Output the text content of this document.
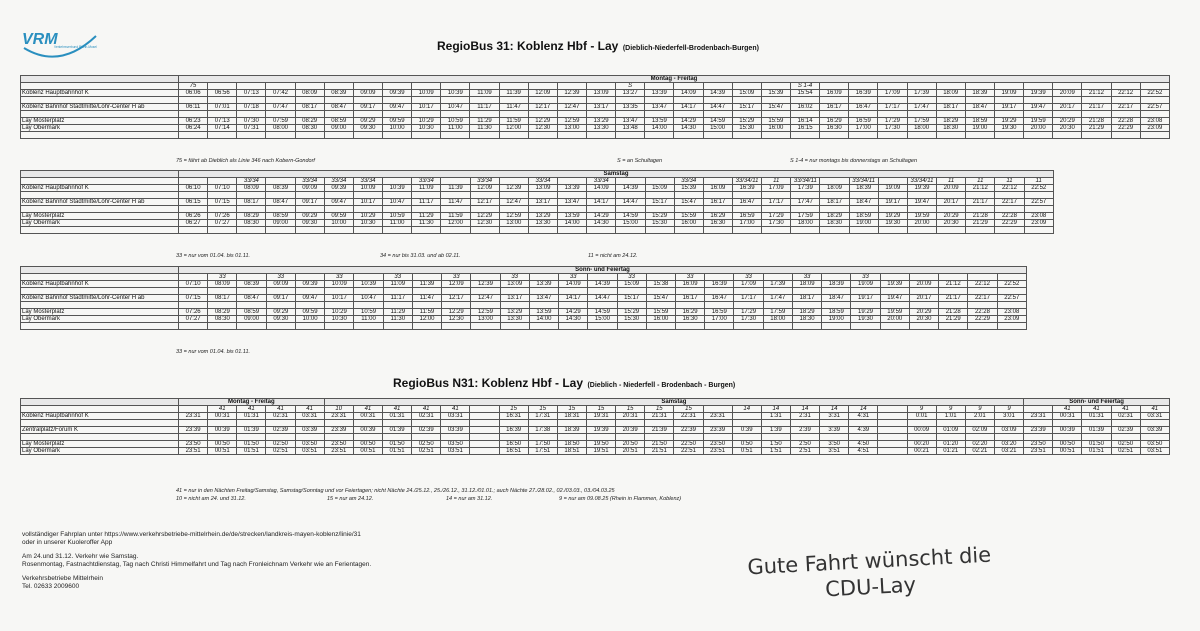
VRM
Verkehrsverbund Rhein-Mosel	RegioBus 31: Koblenz Hbf - Lay (Dieblich-Niederfell-Brodenbach-Burgen)
	Montag - Freitag																																	
	75															S						S 1-4												
Koblenz Hauptbahnhof K	06:06	06:56	07:13	07:42	08:09	08:39	09:09	09:39	10:09	10:39	11:09	11:39	12:09	12:39	13:09	13:27	13:39	14:09	14:39	15:09	15:39	15:54	16:09	16:39	17:09	17:39	18:09	18:39	19:09	19:39	20:09	21:12	22:12	22:52

Koblenz Bahnhof Stadtmitte/Löhr-Center H ab	06:11	07:01	07:18	07:47	08:17	08:47	09:17	09:47	10:17	10:47	11:17	11:47	12:17	12:47	13:17	13:35	13:47	14:17	14:47	15:17	15:47	16:02	16:17	16:47	17:17	17:47	18:17	18:47	19:17	19:47	20:17	21:17	22:17	22:57

Lay Mosterplatz	06:23	07:13	07:30	07:59	08:29	08:59	09:29	09:59	10:29	10:59	11:29	11:59	12:29	12:59	13:29	13:47	13:59	14:29	14:59	15:29	15:59	16:14	16:29	16:59	17:29	17:59	18:29	18:59	19:29	19:59	20:29	21:28	22:28	23:08
Lay Obermark	06:24	07:14	07:31	08:00	08:30	09:00	09:30	10:00	10:30	11:00	11:30	12:00	12:30	13:00	13:30	13:48	14:00	14:30	15:00	15:30	16:00	16:15	16:30	17:00	17:30	18:00	18:30	19:00	19:30	20:00	20:30	21:29	22:29	23:09

75 = fährt ab Dieblich als Linie 346 nach Kobern-Gondorf	S = an Schultagen	S 1-4 = nur montags bis donnerstags an Schultagen
	Samstag																													
			33/34		33/34	33/34	33/34		33/34		33/34		33/34		33/34			33/34		33/34/11	11	33/34/11		33/34/11		33/34/11	11	11	11	11
Koblenz Hauptbahnhof K	06:10	07:10	08:09	08:39	09:09	09:39	10:09	10:39	11:09	11:39	12:09	12:39	13:09	13:39	14:09	14:39	15:09	15:39	16:09	16:39	17:09	17:39	18:09	18:39	19:09	19:39	20:09	21:12	22:12	22:52

Koblenz Bahnhof Stadtmitte/Löhr-Center H ab	06:15	07:15	08:17	08:47	09:17	09:47	10:17	10:47	11:17	11:47	12:17	12:47	13:17	13:47	14:17	14:47	15:17	15:47	16:17	16:47	17:17	17:47	18:17	18:47	19:17	19:47	20:17	21:17	22:17	22:57

Lay Mosterplatz	06:26	07:26	08:29	08:59	09:29	09:59	10:29	10:59	11:29	11:59	12:29	12:59	13:29	13:59	14:29	14:59	15:29	15:59	16:29	16:59	17:29	17:59	18:29	18:59	19:29	19:59	20:29	21:28	22:28	23:08
Lay Obermark	06:27	07:27	08:30	09:00	09:30	10:00	10:30	11:00	11:30	12:00	12:30	13:00	13:30	14:00	14:30	15:00	15:30	16:00	16:30	17:00	17:30	18:00	18:30	19:00	19:30	20:00	20:30	21:29	22:29	23:09

33 = nur vom 01.04. bis 01.11.	34 = nur bis 31.03. und ab 02.11.	11 = nicht am 24.12.
	Sonn- und Feiertag																												
		33		33		33		33		33		33		33		33		33		33		33		33					
Koblenz Hauptbahnhof K	07:10	08:09	08:39	09:09	09:39	10:09	10:39	11:09	11:39	12:09	12:39	13:09	13:39	14:09	14:39	15:09	15:38	16:09	16:39	17:09	17:39	18:09	18:39	19:09	19:39	20:09	21:12	22:12	22:52

Koblenz Bahnhof Stadtmitte/Löhr-Center H ab	07:15	08:17	08:47	09:17	09:47	10:17	10:47	11:17	11:47	12:17	12:47	13:17	13:47	14:17	14:47	15:17	15:47	16:17	16:47	17:17	17:47	18:17	18:47	19:17	19:47	20:17	21:17	22:17	22:57

Lay Mosterplatz	07:26	08:29	08:59	09:29	09:59	10:29	10:59	11:29	11:59	12:29	12:59	13:29	13:59	14:29	14:59	15:29	15:59	16:29	16:59	17:29	17:59	18:29	18:59	19:29	19:59	20:29	21:28	22:28	23:08
Lay Obermark	07:27	08:30	09:00	09:30	10:00	10:30	11:00	11:30	12:00	12:30	13:00	13:30	14:00	14:30	15:00	15:30	16:00	16:30	17:00	17:30	18:00	18:30	19:00	19:30	20:00	20:30	21:29	22:29	23:09

33 = nur vom 01.04. bis 01.11.
RegioBus N31: Koblenz Hbf - Lay (Dieblich - Niederfell - Brodenbach - Burgen)
	Montag - Freitag					Samstag																								Sonn- und Feiertag				
		41	41	41	41	10	41	41	41	41		15	15	15	15	15	15	15		14	14	14	14	14		9	9	9	9		41	41	41	41
Koblenz Hauptbahnhof K	23:31	00:31	01:31	02:31	03:31	23:31	00:31	01:31	02:31	03:31		16:31	17:31	18:31	19:31	20:31	21:31	22:31	23:31		1:31	2:31	3:31	4:31		0:01	1:01	2:01	3:01	23:31	00:31	01:31	02:31	03:31

Zentralplatz/Forum K	23:39	00:39	01:39	02:39	03:39	23:39	00:39	01:39	02:39	03:39		16:39	17:38	18:39	19:39	20:39	21:39	22:39	23:39	0:39	1:39	2:39	3:39	4:39		00:09	01:09	02:09	03:09	23:39	00:39	01:39	02:39	03:39

Lay Mosterplatz	23:50	00:50	01:50	02:50	03:50	23:50	00:50	01:50	02:50	03:50		16:50	17:50	18:50	19:50	20:50	21:50	22:50	23:50	0:50	1:50	2:50	3:50	4:50		00:20	01:20	02:20	03:20	23:50	00:50	01:50	02:50	03:50
Lay Obermark	23:51	00:51	01:51	02:51	03:51	23:51	00:51	01:51	02:51	03:51		16:51	17:51	18:51	19:51	20:51	21:51	22:51	23:51	0:51	1:51	2:51	3:51	4:51		00:21	01:21	02:21	03:21	23:51	00:51	01:51	02:51	03:51
41 = nur in den Nächten Freitag/Samstag, Samstag/Sonntag und vor Feiertagen; nicht Nächte 24./25.12., 25./26.12., 31.12./01.01.; auch Nächte 27./28.02., 02./03.03., 03./04.03.25
10 = nicht am 24. und 31.12.	15 = nur am 24.12.	14 = nur am 31.12.	9 = nur am 09.08.25 (Rhein in Flammen, Koblenz)
vollständiger Fahrplan unter https://www.verkehrsbetriebe-mittelrhein.de/de/strecken/landkreis-mayen-koblenz/linie/31
oder in unserer Kuoleroffer App
Am 24.und 31.12. Verkehr wie Samstag.
Rosenmontag, Fastnachtdienstag, Tag nach Christi Himmelfahrt und Tag nach Fronleichnam Verkehr wie an Ferientagen.
Verkehrsbetriebe Mittelrhein
Tel. 02633 2009600
Gute Fahrt wünscht die
CDU-Lay
